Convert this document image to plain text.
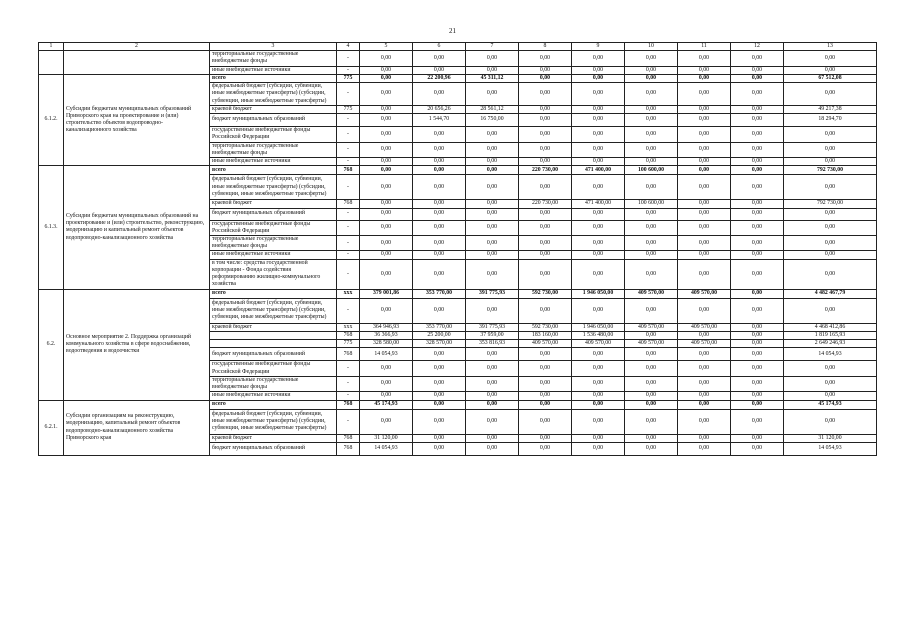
21
1	2	3	4	5	6	7	8	9	10	11	12	13
		территориальные государственные внебюджетные фонды	-	0,00	0,00	0,00	0,00	0,00	0,00	0,00	0,00	0,00
		иные внебюджетные источники	-	0,00	0,00	0,00	0,00	0,00	0,00	0,00	0,00	0,00
6.1.2.	Субсидии бюджетам муниципальных образований Приморского края на проектирование и (или) строительство объектов водопроводно-канализационного хозяйства	всего	775	0,00	22 200,96	45 311,12	0,00	0,00	0,00	0,00	0,00	67 512,08
		федеральный бюджет (субсидии, субвенции, иные межбюджетные трансферты) (субсидии, субвенции, иные межбюджетные трансферты)	-	0,00	0,00	0,00	0,00	0,00	0,00	0,00	0,00	0,00
		краевой бюджет	775	0,00	20 656,26	28 561,12	0,00	0,00	0,00	0,00	0,00	49 217,38
		бюджет муниципальных образований	-	0,00	1 544,70	16 750,00	0,00	0,00	0,00	0,00	0,00	18 294,70
		государственные внебюджетные фонды Российской Федерации	-	0,00	0,00	0,00	0,00	0,00	0,00	0,00	0,00	0,00
		территориальные государственные внебюджетные фонды	-	0,00	0,00	0,00	0,00	0,00	0,00	0,00	0,00	0,00
		иные внебюджетные источники	-	0,00	0,00	0,00	0,00	0,00	0,00	0,00	0,00	0,00
6.1.3.	Субсидии бюджетам муниципальных образований на проектирование и (или) строительство, реконструкцию, модернизацию и капитальный ремонт объектов водопроводно-канализационного хозяйства	всего	768	0,00	0,00	0,00	220 730,00	471 400,00	100 600,00	0,00	0,00	792 730,00
		федеральный бюджет (субсидии, субвенции, иные межбюджетные трансферты) (субсидии, субвенции, иные межбюджетные трансферты)	-	0,00	0,00	0,00	0,00	0,00	0,00	0,00	0,00	0,00
		краевой бюджет	768	0,00	0,00	0,00	220 730,00	471 400,00	100 600,00	0,00	0,00	792 730,00
		бюджет муниципальных образований	-	0,00	0,00	0,00	0,00	0,00	0,00	0,00	0,00	0,00
		государственные внебюджетные фонды Российской Федерации	-	0,00	0,00	0,00	0,00	0,00	0,00	0,00	0,00	0,00
		территориальные государственные внебюджетные фонды	-	0,00	0,00	0,00	0,00	0,00	0,00	0,00	0,00	0,00
		иные внебюджетные источники	-	0,00	0,00	0,00	0,00	0,00	0,00	0,00	0,00	0,00
		в том числе: средства государственной корпорации - Фонда содействия реформированию жилищно-коммунального хозяйства	-	0,00	0,00	0,00	0,00	0,00	0,00	0,00	0,00	0,00
6.2.	Основное мероприятие 2. Поддержка организаций коммунального хозяйства в сфере водоснабжения, водоотведения и водоочистки	всего	ххх	379 001,86	353 770,00	391 775,93	592 730,00	1 946 050,00	409 570,00	409 570,00	0,00	4 482 467,79
		федеральный бюджет (субсидии, субвенции, иные межбюджетные трансферты) (субсидии, субвенции, иные межбюджетные трансферты)	-	0,00	0,00	0,00	0,00	0,00	0,00	0,00	0,00	0,00
		краевой бюджет	ххх	364 946,93	353 770,00	391 775,93	592 730,00	1 946 050,00	409 570,00	409 570,00	0,00	4 468 412,86
			768	36 366,93	25 200,00	37 959,00	183 160,00	1 536 480,00	0,00	0,00	0,00	1 819 165,93
			775	328 580,00	328 570,00	353 816,93	409 570,00	409 570,00	409 570,00	409 570,00	0,00	2 649 246,93
		бюджет муниципальных образований	768	14 054,93	0,00	0,00	0,00	0,00	0,00	0,00	0,00	14 054,93
		государственные внебюджетные фонды Российской Федерации	-	0,00	0,00	0,00	0,00	0,00	0,00	0,00	0,00	0,00
		территориальные государственные внебюджетные фонды	-	0,00	0,00	0,00	0,00	0,00	0,00	0,00	0,00	0,00
		иные внебюджетные источники	-	0,00	0,00	0,00	0,00	0,00	0,00	0,00	0,00	0,00
6.2.1.	Субсидии организациям на реконструкцию, модернизацию, капитальный ремонт объектов водопроводно-канализационного хозяйства Приморского края	всего	768	45 174,93	0,00	0,00	0,00	0,00	0,00	0,00	0,00	45 174,93
		федеральный бюджет (субсидии, субвенции, иные межбюджетные трансферты) (субсидии, субвенции, иные межбюджетные трансферты)	-	0,00	0,00	0,00	0,00	0,00	0,00	0,00	0,00	0,00
		краевой бюджет	768	31 120,00	0,00	0,00	0,00	0,00	0,00	0,00	0,00	31 120,00
		бюджет муниципальных образований	768	14 054,93	0,00	0,00	0,00	0,00	0,00	0,00	0,00	14 054,93
